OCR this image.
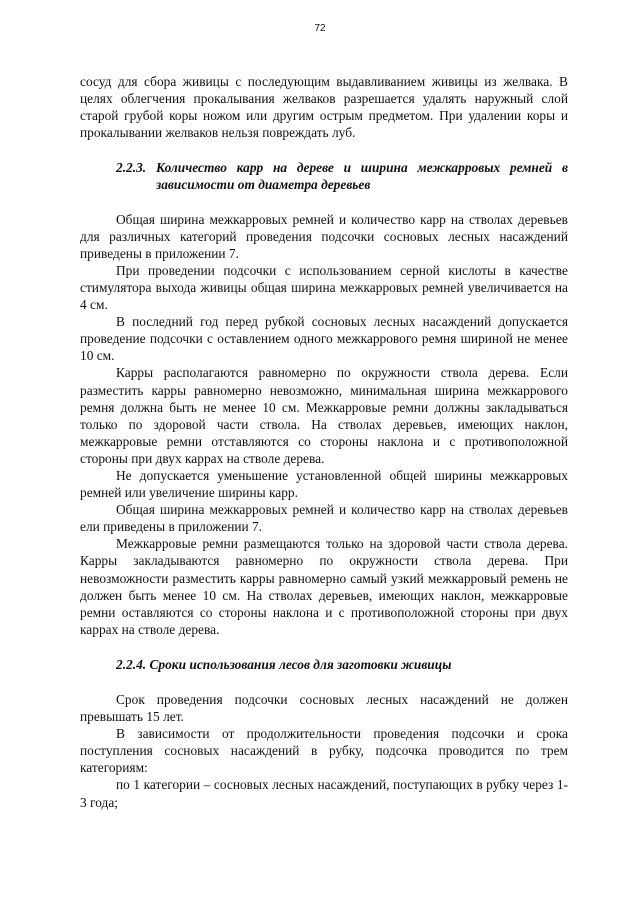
72

сосуд для сбора живицы с последующим выдавливанием живицы из желвака. В целях облегчения прокалывания желваков разрешается удалять наружный слой старой грубой коры ножом или другим острым предметом. При удалении коры и прокалывании желваков нельзя повреждать луб.

2.2.3. Количество карр на дереве и ширина межкарровых ремней в
зависимости от диаметра деревьев

Общая ширина межкарровых ремней и количество карр на стволах деревьев для различных категорий проведения подсочки сосновых лесных насаждений приведены в приложении 7.

При проведении подсочки с использованием серной кислоты в качестве стимулятора выхода живицы общая ширина межкарровых ремней увеличивается на 4 см.

В последний год перед рубкой сосновых лесных насаждений допускается проведение подсочки с оставлением одного межкаррового ремня шириной не менее 10 см.

Карры располагаются равномерно по окружности ствола дерева. Если разместить карры равномерно невозможно, минимальная ширина межкаррового ремня должна быть не менее 10 см. Межкарровые ремни должны закладываться только по здоровой части ствола. На стволах деревьев, имеющих наклон, межкарровые ремни отставляются со стороны наклона и с противоположной стороны при двух каррах на стволе дерева.

Не допускается уменьшение установленной общей ширины межкарровых ремней или увеличение ширины карр.

Общая ширина межкарровых ремней и количество карр на стволах деревьев ели приведены в приложении 7.

Межкарровые ремни размещаются только на здоровой части ствола дерева. Карры закладываются равномерно по окружности ствола дерева. При невозможности разместить карры равномерно самый узкий межкарровый ремень не должен быть менее 10 см. На стволах деревьев, имеющих наклон, межкарровые ремни оставляются со стороны наклона и с противоположной стороны при двух каррах на стволе дерева.

2.2.4. Сроки использования лесов для заготовки живицы

Срок проведения подсочки сосновых лесных насаждений не должен превышать 15 лет.

В зависимости от продолжительности проведения подсочки и срока поступления сосновых насаждений в рубку, подсочка проводится по трем категориям:

по 1 категории – сосновых лесных насаждений, поступающих в рубку через 1-3 года;
